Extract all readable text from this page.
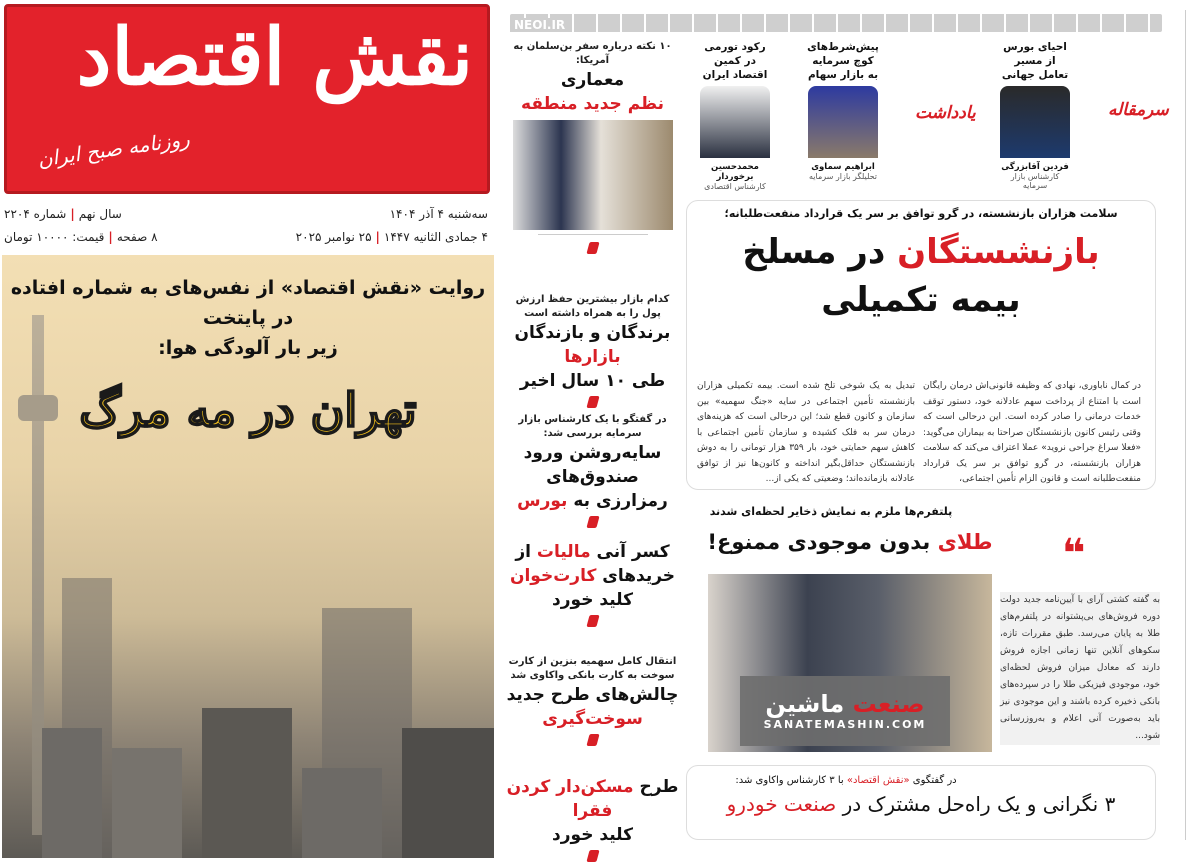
نقش اقتصاد
روزنامه صبح ایران
سه‌شنبه ۴ آذر ۱۴۰۴
سال نهم|شماره ۲۲۰۴
۴ جمادی الثانیه ۱۴۴۷|۲۵ نوامبر ۲۰۲۵
۸ صفحه|قیمت: ۱۰۰۰۰ تومان
روایت «نقش اقتصاد» از نفس‌های به شماره افتاده در پایتخت
زیر بار آلودگی هوا:
تهران در مه مرگ
NEOI.IR
۱۰ نکته درباره سفر بن‌سلمان به آمریکا:
معماری
نظم جدید منطقه
کدام بازار بیشترین حفظ ارزش پول را به همراه داشته است
برندگان و بازندگان بازارها
طی ۱۰ سال اخیر
در گفتگو با یک کارشناس بازار سرمایه بررسی شد:
سایه‌روشن ورود صندوق‌های
رمزارزی به بورس
کسر آنی مالیات از
خریدهای کارت‌خوان
کلید خورد
انتقال کامل سهمیه بنزین از کارت سوخت به کارت بانکی واکاوی شد
چالش‌های طرح جدید
سوخت‌گیری
طرح مسکن‌دار کردن فقرا
کلید خورد
سرمقاله
یادداشت
احیای بورس از مسیر تعامل جهانی
فردین آقابزرگی
کارشناس بازار سرمایه
پیش‌شرط‌های کوچ سرمایه به بازار سهام
ابراهیم سماوی
تحلیلگر بازار سرمایه
رکود تورمی در کمین اقتصاد ایران
محمدحسین برخوردار
کارشناس اقتصادی
سلامت هزاران بازنشسته، در گرو توافق بر سر یک قرارداد منفعت‌طلبانه؛
بازنشستگان در مسلخ
بیمه تکمیلی
در کمال ناباوری، نهادی که وظیفه قانونی‌اش درمان رایگان است با امتناع از پرداخت سهم عادلانه خود، دستور توقف خدمات درمانی را صادر کرده است. این درحالی است که وقتی رئیس کانون بازنشستگان صراحتا به بیماران می‌گوید: «فعلا سراغ جراحی نروید» عملا اعتراف می‌کند که سلامت هزاران بازنشسته، در گرو توافق بر سر یک قرارداد منفعت‌طلبانه است و قانون الزام تأمین اجتماعی،
تبدیل به یک شوخی تلخ شده است. بیمه تکمیلی هزاران بازنشسته تأمین اجتماعی در سایه «جنگ سهمیه» بین سازمان و کانون قطع شد؛ این درحالی است که هزینه‌های درمان سر به فلک کشیده و سازمان تأمین اجتماعی با کاهش سهم حمایتی خود، بار ۳۵۹ هزار تومانی را به دوش بازنشستگان حداقل‌بگیر انداخته و کانون‌ها نیز از توافق عادلانه بازمانده‌اند؛ وضعیتی که یکی از...
پلتفرم‌ها ملزم به نمایش ذخایر لحظه‌ای شدند
طلای بدون موجودی ممنوع!	❝
به گفته کشتی آرای با آیین‌نامه جدید دولت دوره فروش‌های بی‌پشتوانه در پلتفرم‌های طلا به پایان می‌رسد. طبق مقررات تازه، سکوهای آنلاین تنها زمانی اجازه فروش دارند که معادل میزان فروش لحظه‌ای خود، موجودی فیزیکی طلا را در سپرده‌های بانکی ذخیره کرده باشند و این موجودی نیز باید به‌صورت آنی اعلام و به‌روزرسانی شود...
در گفتگوی «نقش اقتصاد» با ۳ کارشناس واکاوی شد:
۳ نگرانی و یک راه‌حل مشترک در صنعت خودرو
صنعت ماشین
SANATEMASHIN.COM
